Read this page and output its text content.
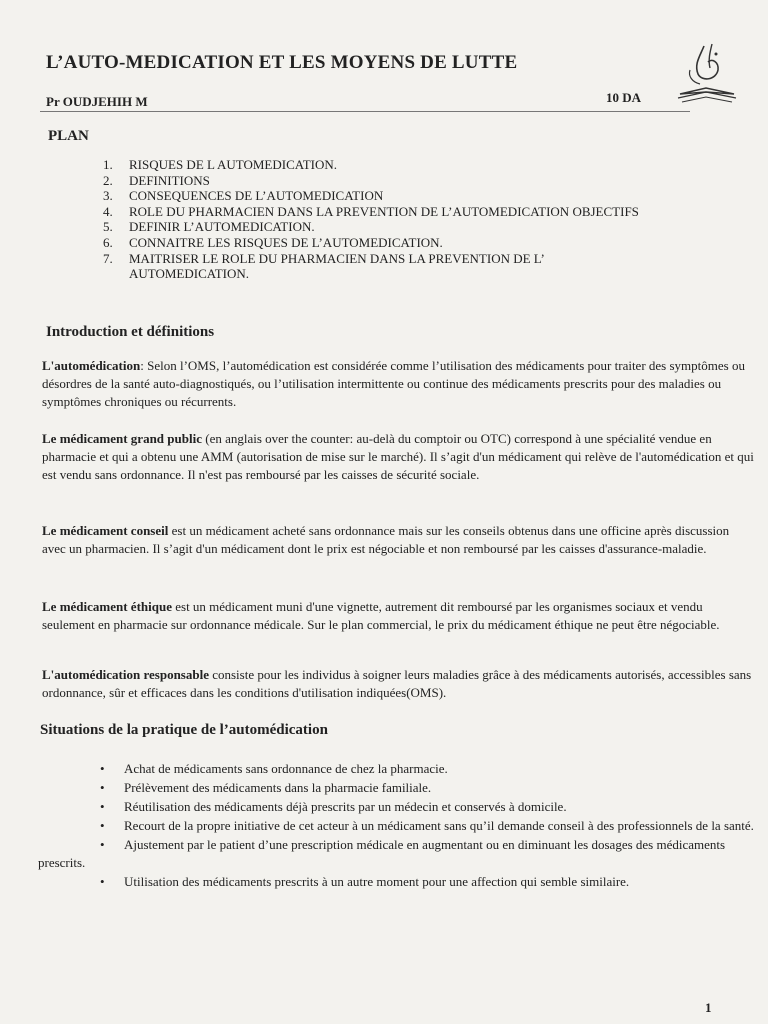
L’AUTO-MEDICATION ET LES MOYENS DE LUTTE
Pr OUDJEHIH M	10 DA
PLAN
1.	RISQUES DE L AUTOMEDICATION.
2.	DEFINITIONS
3.	CONSEQUENCES DE L’AUTOMEDICATION
4.	ROLE DU PHARMACIEN DANS LA PREVENTION DE L’AUTOMEDICATION OBJECTIFS
5.	DEFINIR L’AUTOMEDICATION.
6.	CONNAITRE LES RISQUES DE L’AUTOMEDICATION.
7.	MAITRISER LE ROLE DU PHARMACIEN DANS LA PREVENTION DE L’ AUTOMEDICATION.
Introduction et définitions

L'automédication: Selon l’OMS, l’automédication est considérée comme l’utilisation des médicaments pour traiter des symptômes ou désordres de la santé auto-diagnostiqués, ou l’utilisation intermittente ou continue des médicaments prescrits pour des maladies ou symptômes chroniques ou récurrents.

Le médicament grand public (en anglais over the counter: au-delà du comptoir ou OTC) correspond à une spécialité vendue en pharmacie et qui a obtenu une AMM (autorisation de mise sur le marché). Il s’agit d'un médicament qui relève de l'automédication et qui est vendu sans ordonnance. Il n'est pas remboursé par les caisses de sécurité sociale.

Le médicament conseil est un médicament acheté sans ordonnance mais sur les conseils obtenus dans une officine après discussion avec un pharmacien. Il s’agit d'un médicament dont le prix est négociable et non remboursé par les caisses d'assurance-maladie.

Le médicament éthique est un médicament muni d'une vignette, autrement dit remboursé par les organismes sociaux et vendu seulement en pharmacie sur ordonnance médicale. Sur le plan commercial, le prix du médicament éthique ne peut être négociable.

L'automédication responsable consiste pour les individus à soigner leurs maladies grâce à des médicaments autorisés, accessibles sans ordonnance, sûr et efficaces dans les conditions d'utilisation indiquées(OMS).

Situations de la pratique de l’automédication
• Achat de médicaments sans ordonnance de chez la pharmacie.
• Prélèvement des médicaments dans la pharmacie familiale.
• Réutilisation des médicaments déjà prescrits par un médecin et conservés à domicile.
• Recourt de la propre initiative de cet acteur à un médicament sans qu’il demande conseil à des professionnels de la santé.
• Ajustement par le patient d’une prescription médicale en augmentant ou en diminuant les dosages des médicaments prescrits.
• Utilisation des médicaments prescrits à un autre moment pour une affection qui semble similaire.
1
